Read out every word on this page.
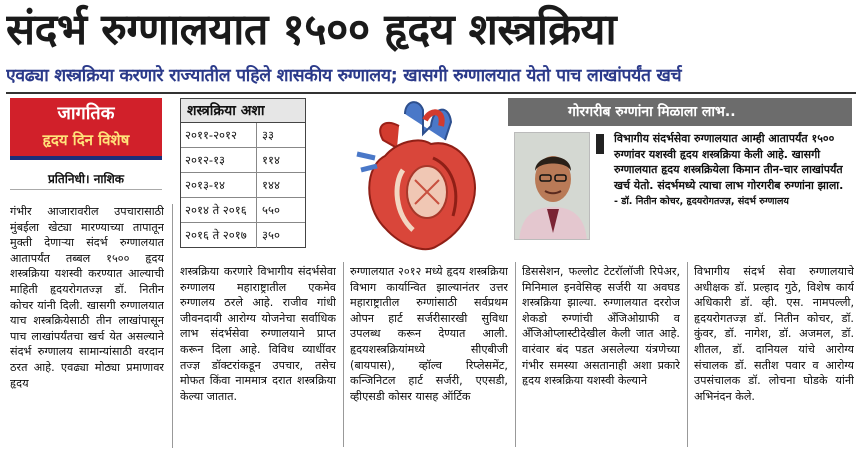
संदर्भ रुग्णालयात १५०० हृदय शस्त्रक्रिया
एवढ्या शस्त्रक्रिया करणारे राज्यातील पहिले शासकीय रुग्णालय; खासगी रुग्णालयात येतो पाच लाखांपर्यंत खर्च
जागतिक
हृदय दिन विशेष
प्रतिनिधी। नाशिक
शस्त्रक्रिया अशा
२०११-२०१२	३३
२०१२-१३	११४
२०१३-१४	१४४
२०१४ ते २०१६	५५०
२०१६ ते २०१७	३५०
गोरगरीब रुग्णांना मिळाला लाभ..
विभागीय संदर्भसेवा रुग्णालयात आम्ही आतापर्यंत १५०० रुग्णांवर यशस्वी हृदय शस्त्रक्रिया केली आहे. खासगी रुग्णालयात हृदय शस्त्रक्रियेला किमान तीन-चार लाखांपर्यंत खर्च येतो. संदर्भमध्ये त्याचा लाभ गोरगरीब रुग्णांना झाला. - डॉ. नितीन कोचर, हृदयरोगतज्ज्ञ, संदर्भ रुग्णालय

गंभीर आजारावरील उपचारासाठी मुंबईला खेट्या मारण्याच्या तापातून मुक्ती देणाऱ्या संदर्भ रुग्णालयात आतापर्यंत तब्बल १५०० हृदय शस्त्रक्रिया यशस्वी करण्यात आल्याची माहिती हृदयरोगतज्ज्ञ डॉ. नितीन कोचर यांनी दिली. खासगी रुग्णालयात याच शस्त्रक्रियेसाठी तीन लाखांपासून पाच लाखांपर्यंतचा खर्च येत असल्याने संदर्भ रुग्णालय सामान्यांसाठी वरदान ठरत आहे. एवढ्या मोठ्या प्रमाणावर हृदय

शस्त्रक्रिया करणारे विभागीय संदर्भसेवा रुग्णालय महाराष्ट्रातील एकमेव रुग्णालय ठरले आहे. राजीव गांधी जीवनदायी आरोग्य योजनेचा सर्वाधिक लाभ संदर्भसेवा रुग्णालयाने प्राप्त करून दिला आहे. विविध व्याधींवर तज्ज्ञ डॉक्टरांकडून उपचार, तसेच मोफत किंवा नाममात्र दरात शस्त्रक्रिया केल्या जातात.

रुग्णालयात २०१२ मध्ये हृदय शस्त्रक्रिया विभाग कार्यान्वित झाल्यानंतर उत्तर महाराष्ट्रातील रुग्णांसाठी सर्वप्रथम ओपन हार्ट सर्जरीसारखी सुविधा उपलब्ध करून देण्यात आली. हृदयशस्त्रक्रियांमध्ये सीएबीजी (बायपास), व्हॉल्व रिप्लेसमेंट, कन्जिनिटल हार्ट सर्जरी, एएसडी, व्हीएसडी कोसर यासह ऑर्टिक

डिससेशन, फल्लोट टेटरॉलॉजी रिपेअर, मिनिमाल इनवेसिव्ह सर्जरी या अवघड शस्त्रक्रिया झाल्या. रुग्णालयात दररोज शेकडो रुग्णांची अँजिओग्राफी व अँजिओप्लास्टीदेखील केली जात आहे. वारंवार बंद पडत असलेल्या यंत्रणेच्या गंभीर समस्या असतानाही अशा प्रकारे हृदय शस्त्रक्रिया यशस्वी केल्याने

विभागीय संदर्भ सेवा रुग्णालयाचे अधीक्षक डॉ. प्रल्हाद गुठे, विशेष कार्य अधिकारी डॉ. व्ही. एस. नामपल्ली, हृदयरोगतज्ज्ञ डॉ. नितीन कोचर, डॉ. कुंवर, डॉ. नागेश, डॉ. अजमल, डॉ. शीतल, डॉ. दानियल यांचे आरोग्य संचालक डॉ. सतीश पवार व आरोग्य उपसंचालक डॉ. लोचना घोडके यांनी अभिनंदन केले.
